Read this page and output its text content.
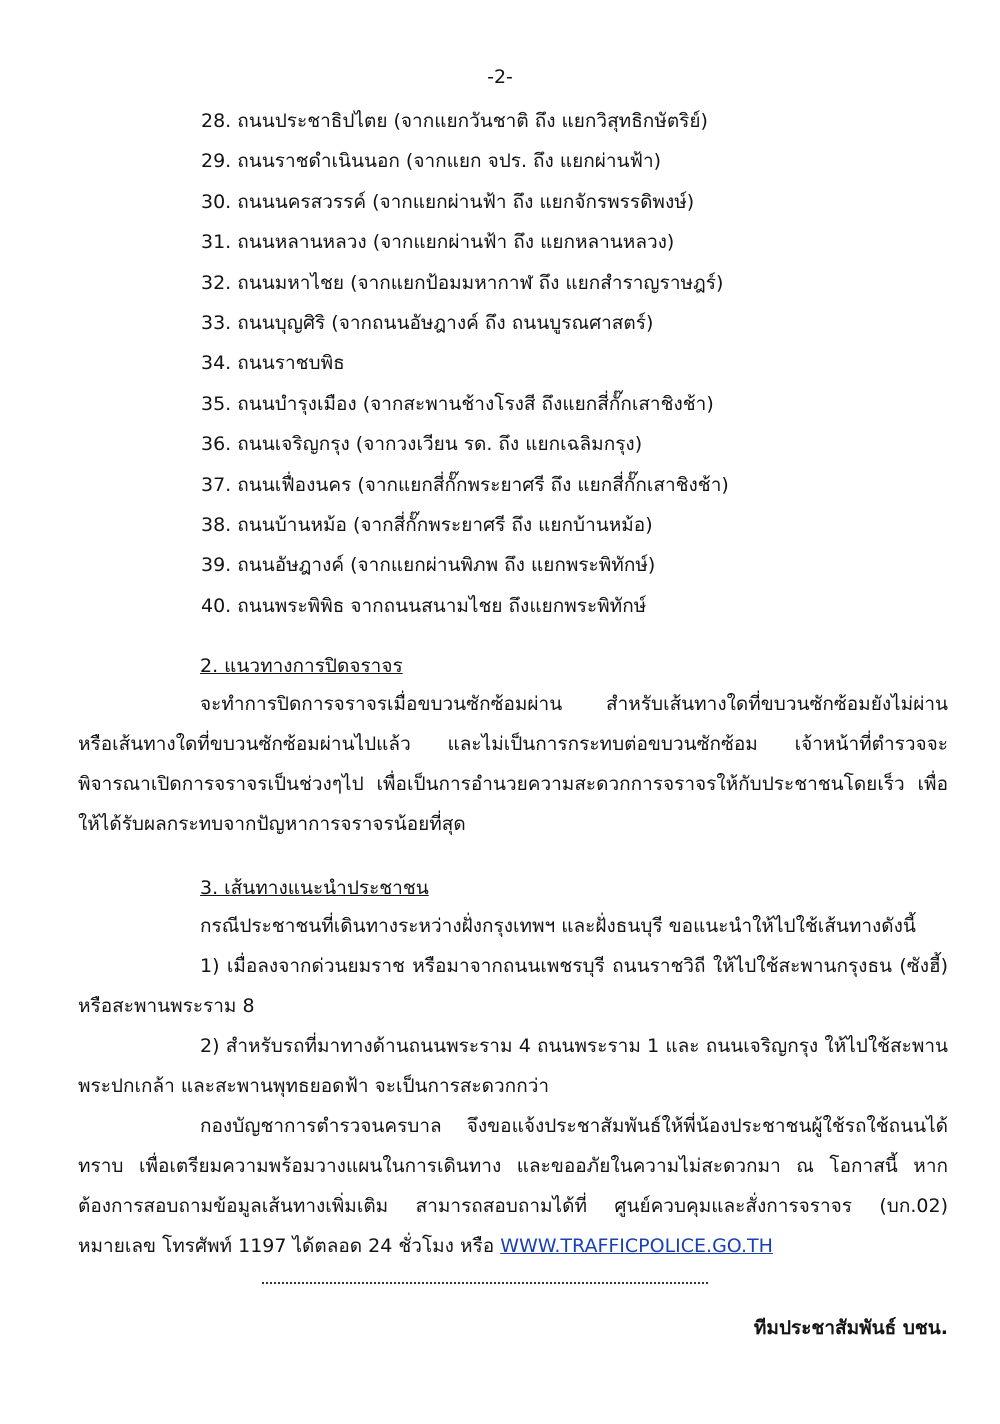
-2-
28. ถนนประชาธิปไตย (จากแยกวันชาติ ถึง แยกวิสุทธิกษัตริย์)
29. ถนนราชดำเนินนอก (จากแยก จปร. ถึง แยกผ่านฟ้า)
30. ถนนนครสวรรค์ (จากแยกผ่านฟ้า ถึง แยกจักรพรรดิพงษ์)
31. ถนนหลานหลวง (จากแยกผ่านฟ้า ถึง แยกหลานหลวง)
32. ถนนมหาไชย (จากแยกป้อมมหากาฬ ถึง แยกสำราญราษฎร์)
33. ถนนบุญศิริ (จากถนนอัษฎางค์ ถึง ถนนบูรณศาสตร์)
34. ถนนราชบพิธ
35. ถนนบำรุงเมือง (จากสะพานช้างโรงสี ถึงแยกสี่กั๊กเสาชิงช้า)
36. ถนนเจริญกรุง (จากวงเวียน รด. ถึง แยกเฉลิมกรุง)
37. ถนนเฟื่องนคร (จากแยกสี่กั๊กพระยาศรี ถึง แยกสี่กั๊กเสาชิงช้า)
38. ถนนบ้านหม้อ (จากสี่กั๊กพระยาศรี ถึง แยกบ้านหม้อ)
39. ถนนอัษฎางค์ (จากแยกผ่านพิภพ ถึง แยกพระพิทักษ์)
40. ถนนพระพิพิธ จากถนนสนามไชย ถึงแยกพระพิทักษ์
2. แนวทางการปิดจราจร

จะทำการปิดการจราจรเมื่อขบวนซักซ้อมผ่าน สำหรับเส้นทางใดที่ขบวนซักซ้อมยังไม่ผ่าน หรือเส้นทางใดที่ขบวนซักซ้อมผ่านไปแล้ว และไม่เป็นการกระทบต่อขบวนซักซ้อม เจ้าหน้าที่ตำรวจจะพิจารณาเปิดการจราจรเป็นช่วงๆไป เพื่อเป็นการอำนวยความสะดวกการจราจรให้กับประชาชนโดยเร็ว เพื่อให้ได้รับผลกระทบจากปัญหาการจราจรน้อยที่สุด

3. เส้นทางแนะนำประชาชน

กรณีประชาชนที่เดินทางระหว่างฝั่งกรุงเทพฯ และฝั่งธนบุรี ขอแนะนำให้ไปใช้เส้นทางดังนี้

1) เมื่อลงจากด่วนยมราช หรือมาจากถนนเพชรบุรี ถนนราชวิถี ให้ไปใช้สะพานกรุงธน (ซังฮี้) หรือสะพานพระราม 8

2) สำหรับรถที่มาทางด้านถนนพระราม 4 ถนนพระราม 1 และ ถนนเจริญกรุง ให้ไปใช้สะพานพระปกเกล้า และสะพานพุทธยอดฟ้า จะเป็นการสะดวกกว่า

กองบัญชาการตำรวจนครบาล จึงขอแจ้งประชาสัมพันธ์ให้พี่น้องประชาชนผู้ใช้รถใช้ถนนได้ทราบ เพื่อเตรียมความพร้อมวางแผนในการเดินทาง และขออภัยในความไม่สะดวกมา ณ โอกาสนี้ หากต้องการสอบถามข้อมูลเส้นทางเพิ่มเติม สามารถสอบถามได้ที่ ศูนย์ควบคุมและสั่งการจราจร (บก.02) หมายเลข โทรศัพท์ 1197 ได้ตลอด 24 ชั่วโมง หรือ WWW.TRAFFICPOLICE.GO.TH

ทีมประชาสัมพันธ์ บชน.
